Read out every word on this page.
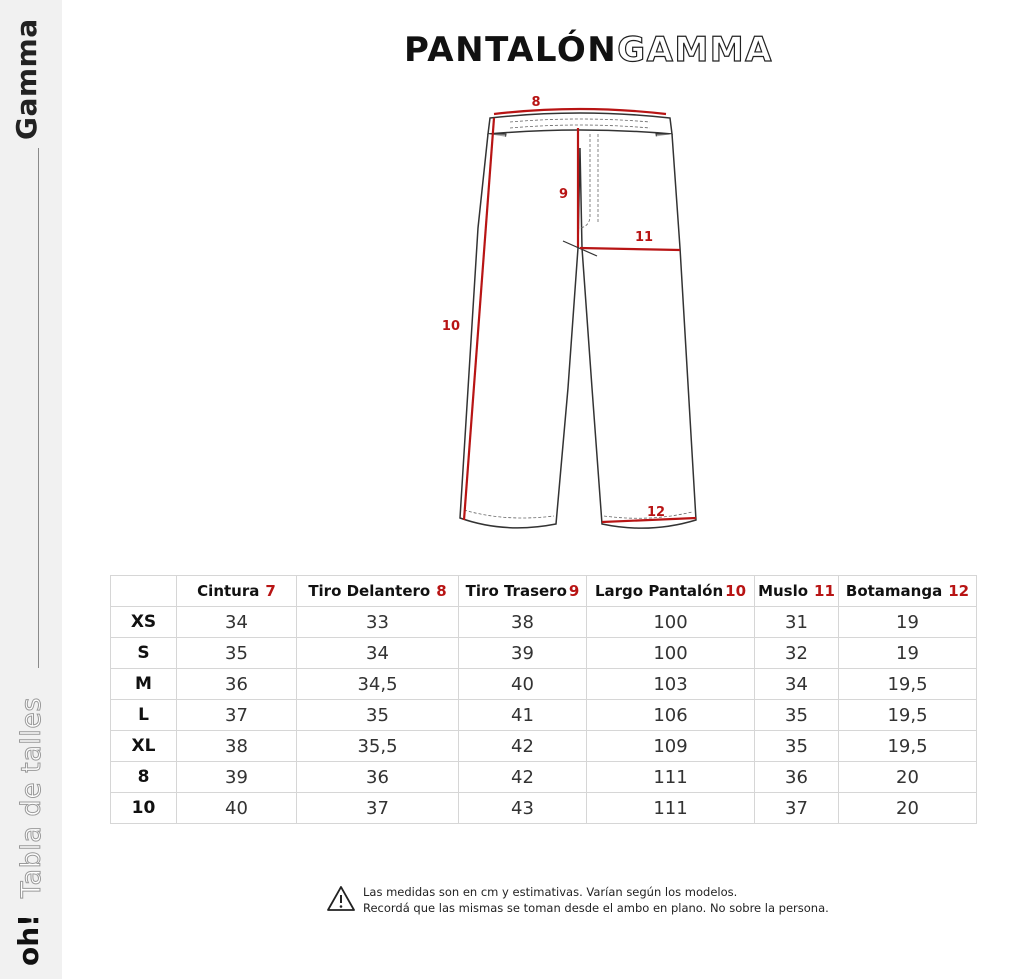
Gamma
Tabla de talles
oh!
PANTALÓNGAMMA
8
9
11
10
12
	Cintura 7	Tiro Delantero 8	Tiro Trasero 9	Largo Pantalón 10	Muslo 11	Botamanga 12
XS	34	33	38	100	31	19
S	35	34	39	100	32	19
M	36	34,5	40	103	34	19,5
L	37	35	41	106	35	19,5
XL	38	35,5	42	109	35	19,5
8	39	36	42	111	36	20
10	40	37	43	111	37	20
Las medidas son en cm y estimativas. Varían según los modelos.
Recordá que las mismas se toman desde el ambo en plano. No sobre la persona.
